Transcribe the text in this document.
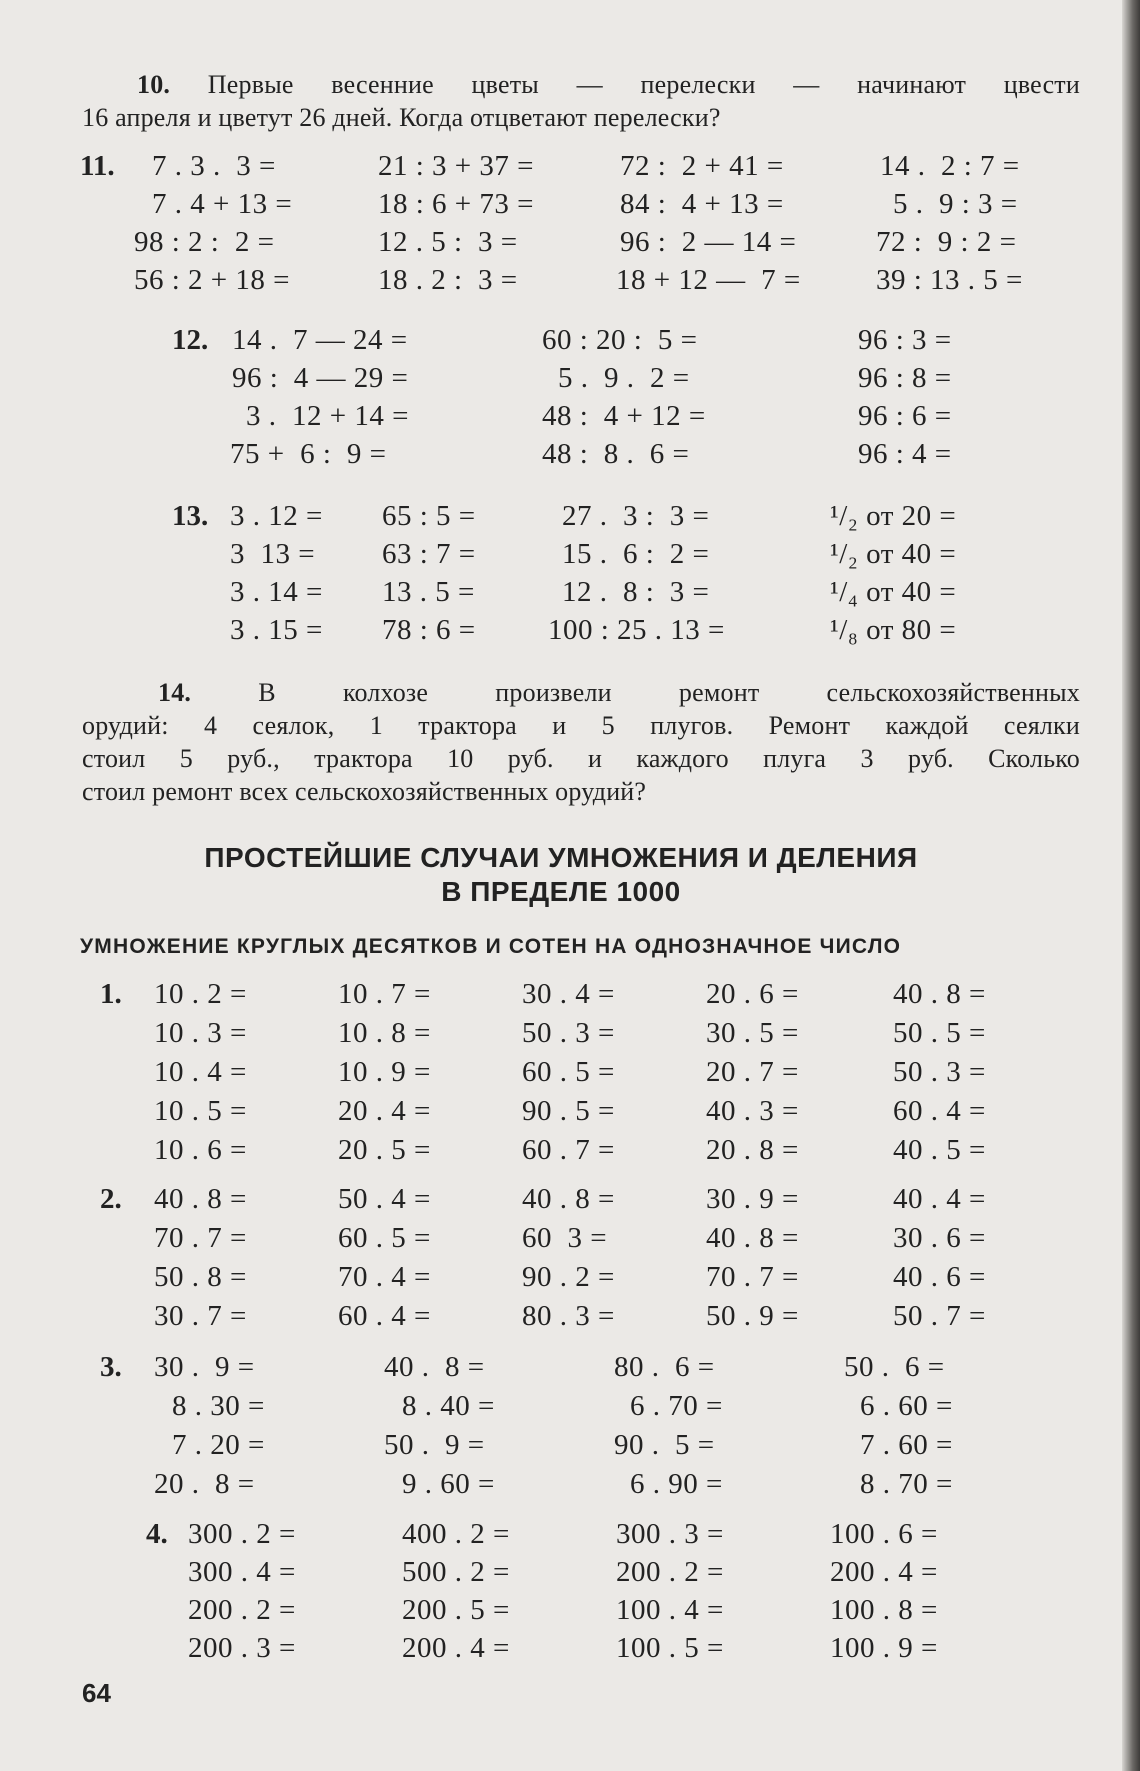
10. Первые весенние цветы — перелески — начинают цвести
16 апреля и цветут 26 дней. Когда отцветают перелески?
11. 7 . 3 .  3 =	21 : 3 + 37 =	72 :  2 + 41 =	14 .  2 : 7 =
7 . 4 + 13 =	18 : 6 + 73 =	84 :  4 + 13 =	5 .  9 : 3 =
98 : 2 :  2 =	12 . 5 :  3 =	96 :  2 — 14 =	72 :  9 : 2 =
56 : 2 + 18 =	18 . 2 :  3 =	18 + 12 —  7 =	39 : 13 . 5 =
12. 14 .  7 — 24 =	60 : 20 :  5 =	96 : 3 =
96 :  4 — 29 =	5 .  9 .  2 =	96 : 8 =
3 .  12 + 14 =	48 :  4 + 12 =	96 : 6 =
75 +  6 :  9 =	48 :  8 .  6 =	96 : 4 =
13. 3 . 12 = 65 : 5 =	27 .  3 :  3 =	¹/₂ от 20 =
3  13 = 63 : 7 =	15 .  6 :  2 =	¹/₂ от 40 =
3 . 14 = 13 . 5 =	12 .  8 :  3 =	¹/₄ от 40 =
3 . 15 = 78 : 6 = 100 : 25 . 13 =	¹/₈ от 80 =
14.	В колхозе произвели ремонт сельскохозяйственных
орудий: 4 сеялок, 1 трактора и 5 плугов. Ремонт каждой сеялки
стоил 5 руб., трактора 10 руб. и каждого плуга 3 руб. Сколько
стоил ремонт всех сельскохозяйственных орудий?
ПРОСТЕЙШИЕ СЛУЧАИ УМНОЖЕНИЯ И ДЕЛЕНИЯ
В ПРЕДЕЛЕ 1000
УМНОЖЕНИЕ КРУГЛЫХ ДЕСЯТКОВ И СОТЕН НА ОДНОЗНАЧНОЕ ЧИСЛО
1. 10 . 2 =	10 . 7 =	30 . 4 =	20 . 6 =	40 . 8 =
10 . 3 =	10 . 8 =	50 . 3 =	30 . 5 =	50 . 5 =
10 . 4 =	10 . 9 =	60 . 5 =	20 . 7 =	50 . 3 =
10 . 5 =	20 . 4 =	90 . 5 =	40 . 3 =	60 . 4 =
10 . 6 =	20 . 5 =	60 . 7 =	20 . 8 =	40 . 5 =
2. 40 . 8 =	50 . 4 =	40 . 8 =	30 . 9 =	40 . 4 =
70 . 7 =	60 . 5 =	60  3 =	40 . 8 =	30 . 6 =
50 . 8 =	70 . 4 =	90 . 2 =	70 . 7 =	40 . 6 =
30 . 7 =	60 . 4 =	80 . 3 =	50 . 9 =	50 . 7 =
3. 30 .  9 =	40 .  8 =	80 .  6 =	50 .  6 =
8 . 30 =	8 . 40 =	6 . 70 =	6 . 60 =
7 . 20 =	50 .  9 =	90 .  5 =	7 . 60 =
20 .  8 =	9 . 60 =	6 . 90 =	8 . 70 =
4. 300 . 2 =	400 . 2 =	300 . 3 =	100 . 6 =
300 . 4 =	500 . 2 =	200 . 2 =	200 . 4 =
200 . 2 =	200 . 5 =	100 . 4 =	100 . 8 =
200 . 3 =	200 . 4 =	100 . 5 =	100 . 9 =
64
